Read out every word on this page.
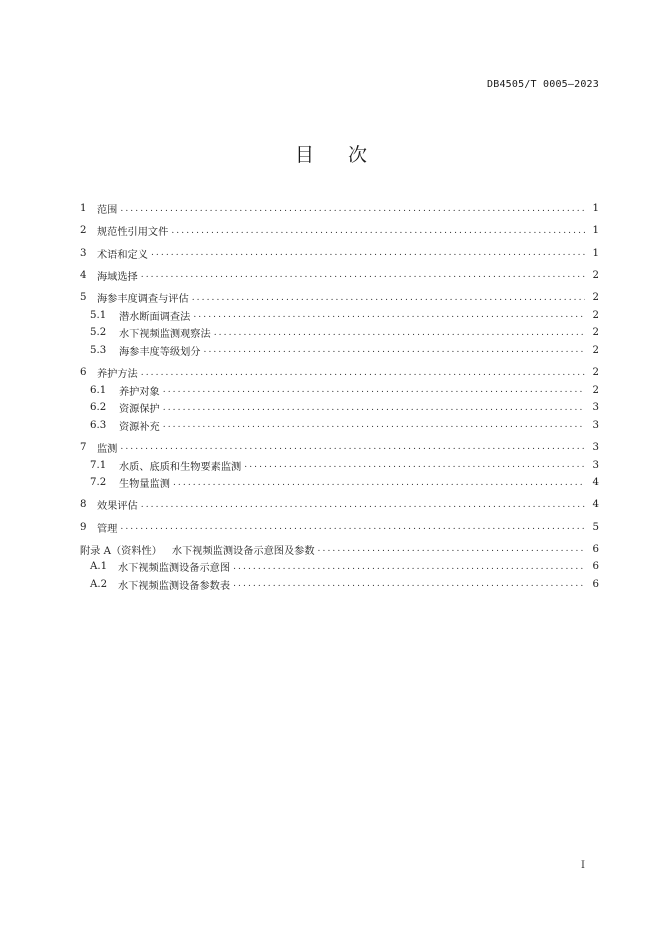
DB4505/T 0005—2023
目 次
1	范围 .....	1
2	规范性引用文件 .....	1
3	术语和定义 .....	1
4	海域选择 .....	2
5	海参丰度调查与评估 .....	2
5.1	潜水断面调查法 .....	2
5.2	水下视频监测观察法 .....	2
5.3	海参丰度等级划分 .....	2
6	养护方法 .....	2
6.1	养护对象 .....	2
6.2	资源保护 .....	3
6.3	资源补充 .....	3
7	监测 .....	3
7.1	水质、底质和生物要素监测 .....	3
7.2	生物量监测 .....	4
8	效果评估 .....	4
9	管理 .....	5
附录 A（资料性） 水下视频监测设备示意图及参数 .....	6
A.1	水下视频监测设备示意图 .....	6
A.2	水下视频监测设备参数表 .....	6
I
